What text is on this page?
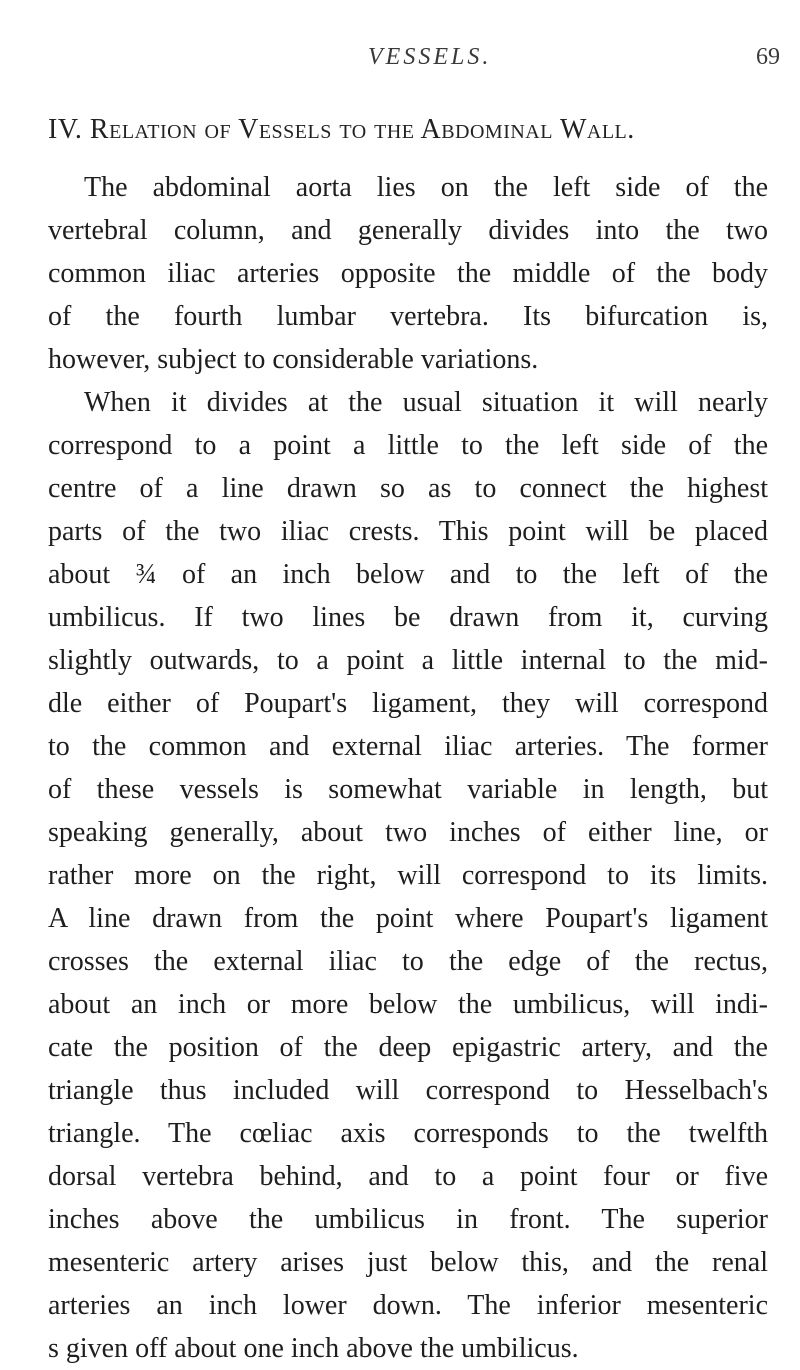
VESSELS.	69
IV. Relation of Vessels to the Abdominal Wall.
The abdominal aorta lies on the left side of the
vertebral column, and generally divides into the two
common iliac arteries opposite the middle of the body
of the fourth lumbar vertebra. Its bifurcation is,
however, subject to considerable variations.
When it divides at the usual situation it will nearly
correspond to a point a little to the left side of the
centre of a line drawn so as to connect the highest
parts of the two iliac crests. This point will be placed
about ¾ of an inch below and to the left of the
umbilicus. If two lines be drawn from it, curving
slightly outwards, to a point a little internal to the mid-
dle either of Poupart's ligament, they will correspond
to the common and external iliac arteries. The former
of these vessels is somewhat variable in length, but
speaking generally, about two inches of either line, or
rather more on the right, will correspond to its limits.
A line drawn from the point where Poupart's ligament
crosses the external iliac to the edge of the rectus,
about an inch or more below the umbilicus, will indi-
cate the position of the deep epigastric artery, and the
triangle thus included will correspond to Hesselbach's
triangle. The cœliac axis corresponds to the twelfth
dorsal vertebra behind, and to a point four or five
inches above the umbilicus in front. The superior
mesenteric artery arises just below this, and the renal
arteries an inch lower down. The inferior mesenteric
s given off about one inch above the umbilicus.
